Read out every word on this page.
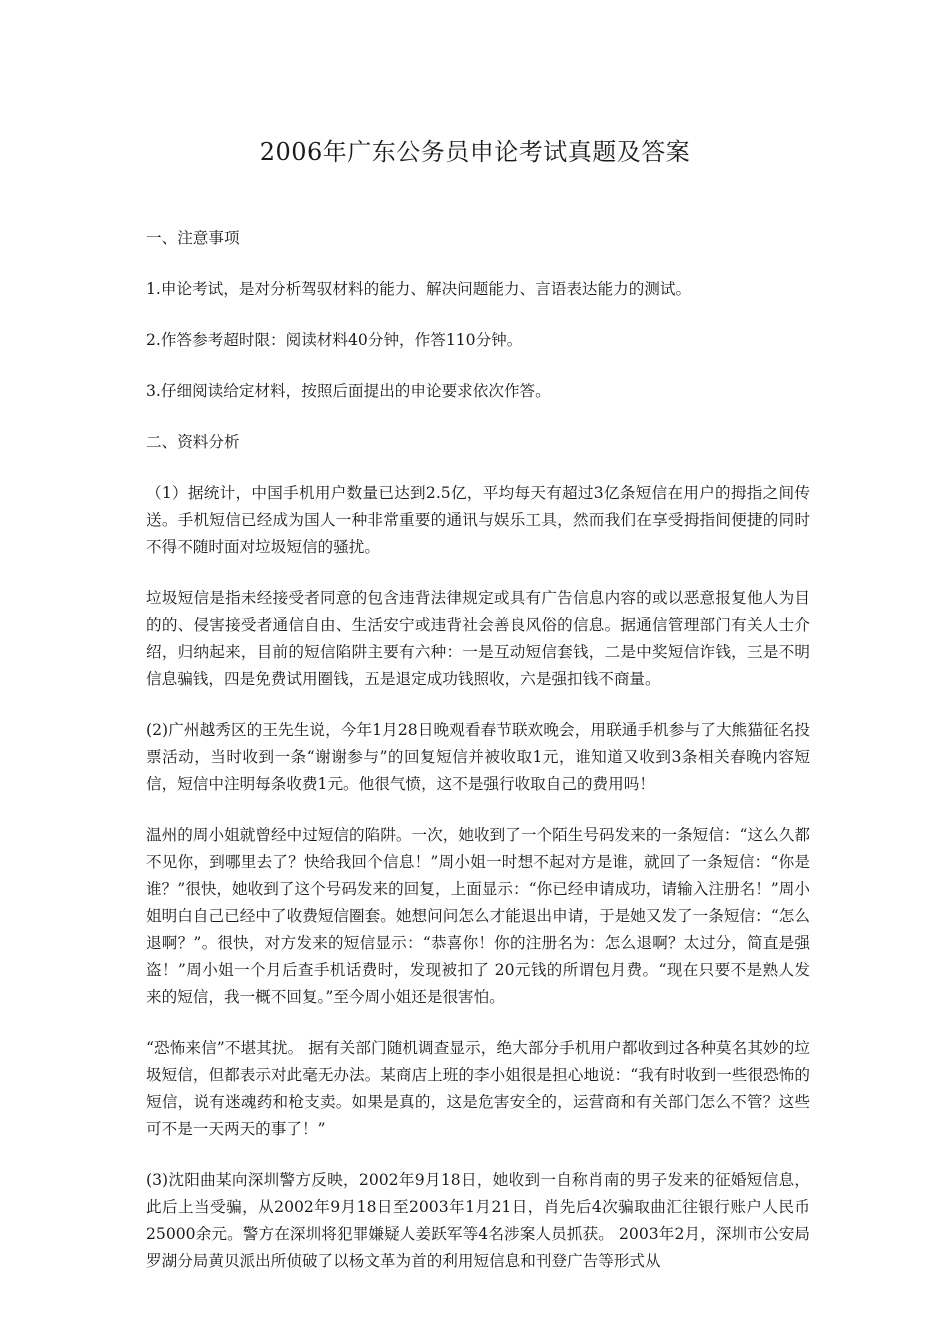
2006年广东公务员申论考试真题及答案

一、注意事项

1.申论考试，是对分析驾驭材料的能力、解决问题能力、言语表达能力的测试。

2.作答参考超时限：阅读材料40分钟，作答110分钟。

3.仔细阅读给定材料，按照后面提出的申论要求依次作答。

二、资料分析

（1）据统计，中国手机用户数量已达到2.5亿，平均每天有超过3亿条短信在用户的拇指之间传送。手机短信已经成为国人一种非常重要的通讯与娱乐工具，然而我们在享受拇指间便捷的同时不得不随时面对垃圾短信的骚扰。

垃圾短信是指未经接受者同意的包含违背法律规定或具有广告信息内容的或以恶意报复他人为目的的、侵害接受者通信自由、生活安宁或违背社会善良风俗的信息。据通信管理部门有关人士介绍，归纳起来，目前的短信陷阱主要有六种：一是互动短信套钱，二是中奖短信诈钱，三是不明信息骗钱，四是免费试用圈钱，五是退定成功钱照收，六是强扣钱不商量。

(2)广州越秀区的王先生说，今年1月28日晚观看春节联欢晚会，用联通手机参与了大熊猫征名投票活动，当时收到一条“谢谢参与”的回复短信并被收取1元，谁知道又收到3条相关春晚内容短信，短信中注明每条收费1元。他很气愤，这不是强行收取自己的费用吗！

温州的周小姐就曾经中过短信的陷阱。一次，她收到了一个陌生号码发来的一条短信：“这么久都不见你，到哪里去了？快给我回个信息！”周小姐一时想不起对方是谁，就回了一条短信：“你是谁？”很快，她收到了这个号码发来的回复，上面显示：“你已经申请成功，请输入注册名！”周小姐明白自己已经中了收费短信圈套。她想问问怎么才能退出申请，于是她又发了一条短信：“怎么退啊？”。很快，对方发来的短信显示：“恭喜你！你的注册名为：怎么退啊？太过分，简直是强盗！”周小姐一个月后查手机话费时，发现被扣了 20元钱的所谓包月费。“现在只要不是熟人发来的短信，我一概不回复。”至今周小姐还是很害怕。

“恐怖来信”不堪其扰。 据有关部门随机调查显示，绝大部分手机用户都收到过各种莫名其妙的垃圾短信，但都表示对此毫无办法。某商店上班的李小姐很是担心地说：“我有时收到一些很恐怖的短信，说有迷魂药和枪支卖。如果是真的，这是危害安全的，运营商和有关部门怎么不管？这些可不是一天两天的事了！”

(3)沈阳曲某向深圳警方反映，2002年9月18日，她收到一自称肖南的男子发来的征婚短信息，此后上当受骗，从2002年9月18日至2003年1月21日，肖先后4次骗取曲汇往银行账户人民币25000余元。警方在深圳将犯罪嫌疑人姜跃军等4名涉案人员抓获。 2003年2月，深圳市公安局罗湖分局黄贝派出所侦破了以杨文革为首的利用短信息和刊登广告等形式从
